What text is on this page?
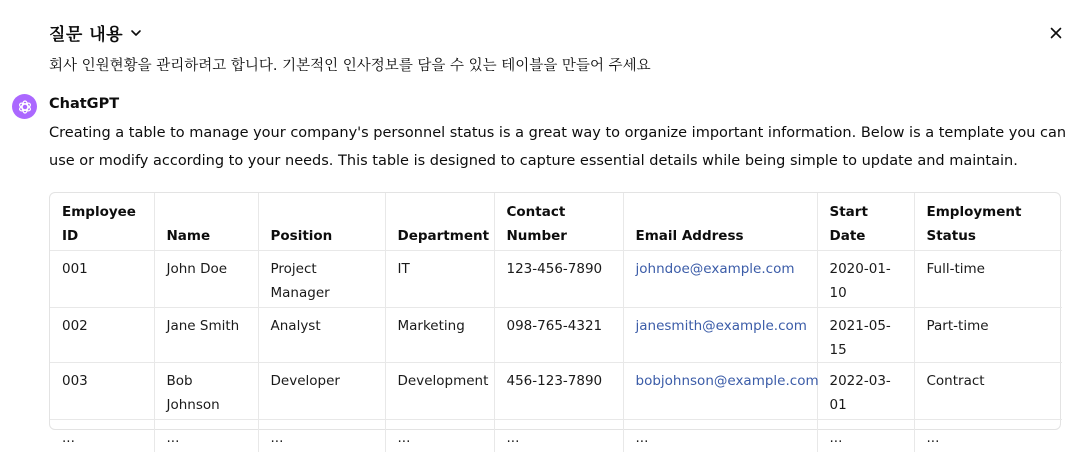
질문 내용
회사 인원현황을 관리하려고 합니다. 기본적인 인사정보를 담을 수 있는 테이블을 만들어 주세요
ChatGPT
Creating a table to manage your company's personnel status is a great way to organize important information. Below is a template you can use or modify according to your needs. This table is designed to capture essential details while being simple to update and maintain.
Employee ID	Name	Position	Department	Contact Number	Email Address	Start Date	Employment Status
001	John Doe	Project Manager	IT	123-456-7890	johndoe@example.com	2020-01-10	Full-time
002	Jane Smith	Analyst	Marketing	098-765-4321	janesmith@example.com	2021-05-15	Part-time
003	Bob Johnson	Developer	Development	456-123-7890	bobjohnson@example.com	2022-03-01	Contract
...	...	...	...	...	...	...	...
